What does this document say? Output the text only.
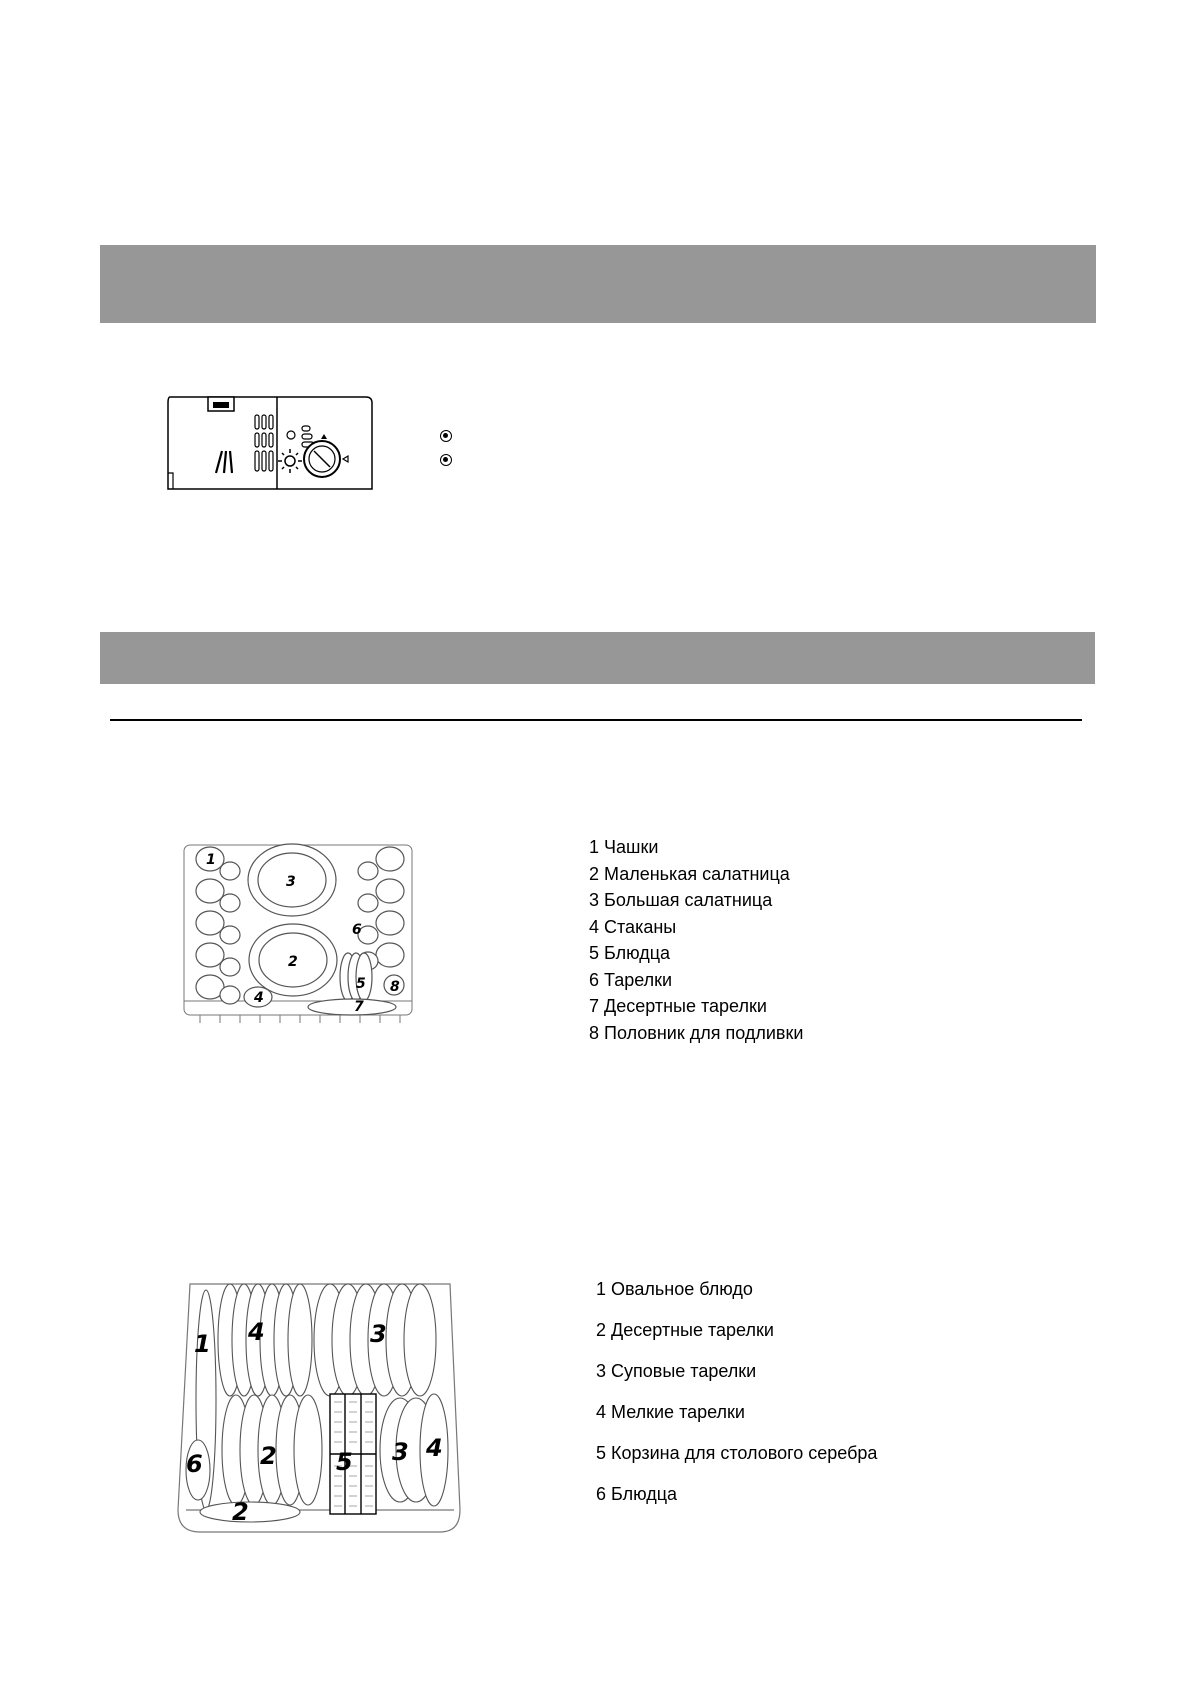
1
2
3
4
5
6
7
8
1 Чашки
2 Маленькая салатница
3 Большая салатница
4 Стаканы
5 Блюдца
6 Тарелки
7 Десертные тарелки
8 Половник для подливки
1 4	3
6 2 5 3 4
2
1 Овальное блюдо
2 Десертные тарелки
3 Суповые тарелки
4 Мелкие тарелки
5 Корзина для столового серебра
6 Блюдца
